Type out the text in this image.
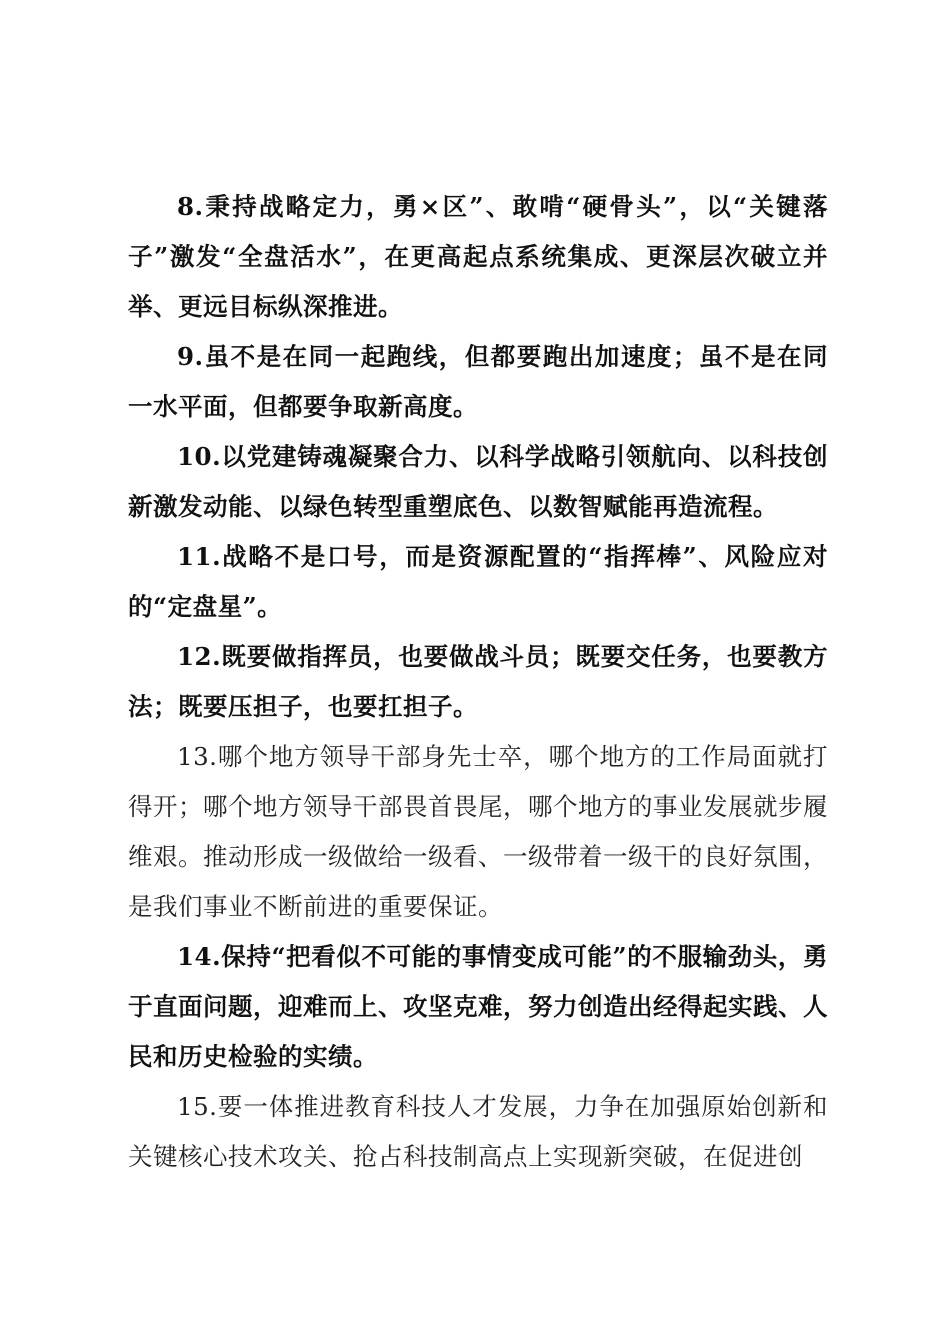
8.秉持战略定力，勇×区”、敢啃“硬骨头”，以“关键落子”激发“全盘活水”，在更高起点系统集成、更深层次破立并举、更远目标纵深推进。

9.虽不是在同一起跑线，但都要跑出加速度；虽不是在同一水平面，但都要争取新高度。

10.以党建铸魂凝聚合力、以科学战略引领航向、以科技创新激发动能、以绿色转型重塑底色、以数智赋能再造流程。

11.战略不是口号，而是资源配置的“指挥棒”、风险应对的“定盘星”。

12.既要做指挥员，也要做战斗员；既要交任务，也要教方法；既要压担子，也要扛担子。

13.哪个地方领导干部身先士卒，哪个地方的工作局面就打得开；哪个地方领导干部畏首畏尾，哪个地方的事业发展就步履维艰。推动形成一级做给一级看、一级带着一级干的良好氛围，是我们事业不断前进的重要保证。

14.保持“把看似不可能的事情变成可能”的不服输劲头，勇于直面问题，迎难而上、攻坚克难，努力创造出经得起实践、人民和历史检验的实绩。

15.要一体推进教育科技人才发展，力争在加强原始创新和关键核心技术攻关、抢占科技制高点上实现新突破，在促进创
